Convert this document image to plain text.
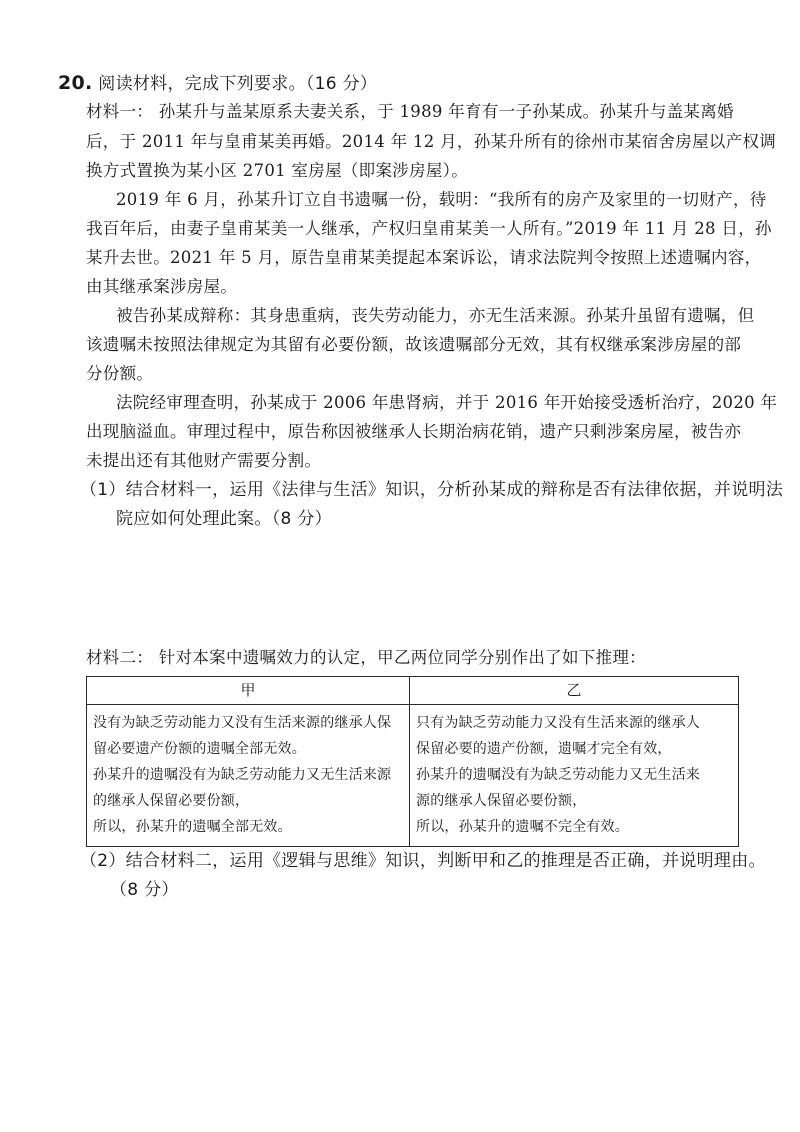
20. 阅读材料，完成下列要求。（16 分）
材料一： 孙某升与盖某原系夫妻关系，于 1989 年育有一子孙某成。孙某升与盖某离婚
后，于 2011 年与皇甫某美再婚。2014 年 12 月，孙某升所有的徐州市某宿舍房屋以产权调
换方式置换为某小区 2701 室房屋（即案涉房屋）。
2019 年 6 月，孙某升订立自书遗嘱一份，载明：“我所有的房产及家里的一切财产，待
我百年后，由妻子皇甫某美一人继承，产权归皇甫某美一人所有。”2019 年 11 月 28 日，孙
某升去世。2021 年 5 月，原告皇甫某美提起本案诉讼，请求法院判令按照上述遗嘱内容，
由其继承案涉房屋。
被告孙某成辩称：其身患重病，丧失劳动能力，亦无生活来源。孙某升虽留有遗嘱，但
该遗嘱未按照法律规定为其留有必要份额，故该遗嘱部分无效，其有权继承案涉房屋的部
分份额。
法院经审理查明，孙某成于 2006 年患肾病，并于 2016 年开始接受透析治疗，2020 年
出现脑溢血。审理过程中，原告称因被继承人长期治病花销，遗产只剩涉案房屋，被告亦
未提出还有其他财产需要分割。
（1）结合材料一，运用《法律与生活》知识，分析孙某成的辩称是否有法律依据，并说明法
院应如何处理此案。（8 分）
材料二： 针对本案中遗嘱效力的认定，甲乙两位同学分别作出了如下推理：
甲	乙

没有为缺乏劳动能力又没有生活来源的继承人保
留必要遗产份额的遗嘱全部无效。
孙某升的遗嘱没有为缺乏劳动能力又无生活来源
的继承人保留必要份额，
所以，孙某升的遗嘱全部无效。	只有为缺乏劳动能力又没有生活来源的继承人
保留必要的遗产份额，遗嘱才完全有效，
孙某升的遗嘱没有为缺乏劳动能力又无生活来
源的继承人保留必要份额，
所以，孙某升的遗嘱不完全有效。
（2）结合材料二，运用《逻辑与思维》知识，判断甲和乙的推理是否正确，并说明理由。
（8 分）
